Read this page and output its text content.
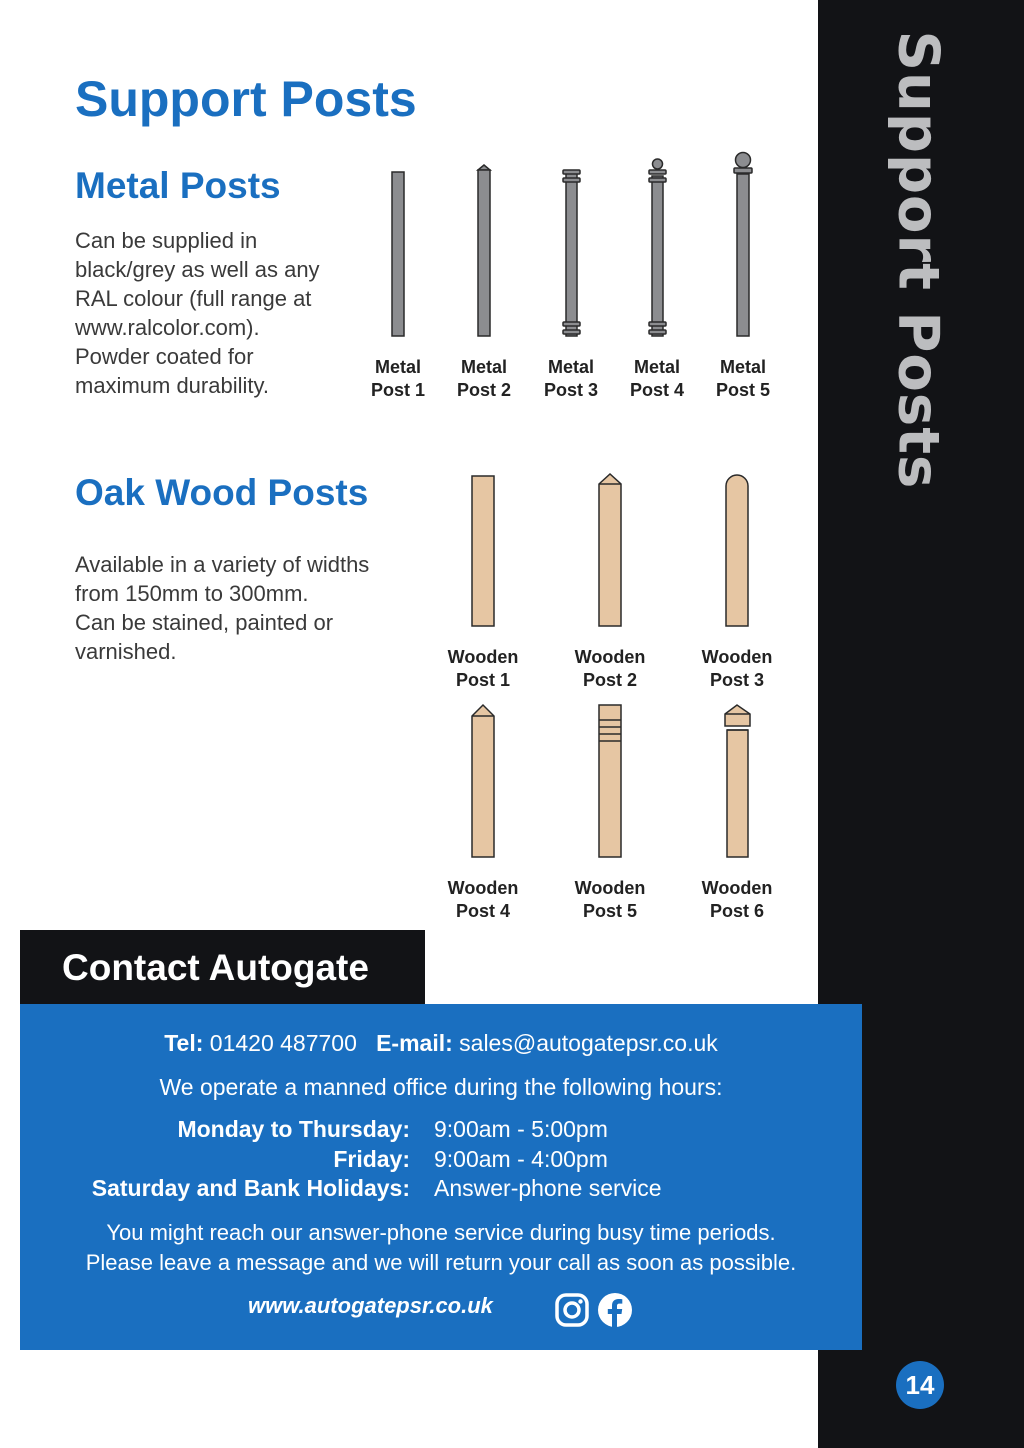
Support Posts
14
Support Posts
Metal Posts
Can be supplied in
black/grey as well as any
RAL colour (full range at
www.ralcolor.com).
Powder coated for
maximum durability.
Oak Wood Posts
Available in a variety of widths
from 150mm to 300mm.
Can be stained, painted or
varnished.
Metal
Post 1
Metal
Post 2
Metal
Post 3
Metal
Post 4
Metal
Post 5
Wooden
Post 1
Wooden
Post 2
Wooden
Post 3
Wooden
Post 4
Wooden
Post 5
Wooden
Post 6
Contact Autogate
Tel: 01420 487700 E-mail: sales@autogatepsr.co.uk
We operate a manned office during the following hours:
Monday to Thursday: 9:00am - 5:00pm
Friday: 9:00am - 4:00pm
Saturday and Bank Holidays: Answer-phone service
You might reach our answer-phone service during busy time periods.
Please leave a message and we will return your call as soon as possible.
www.autogatepsr.co.uk
